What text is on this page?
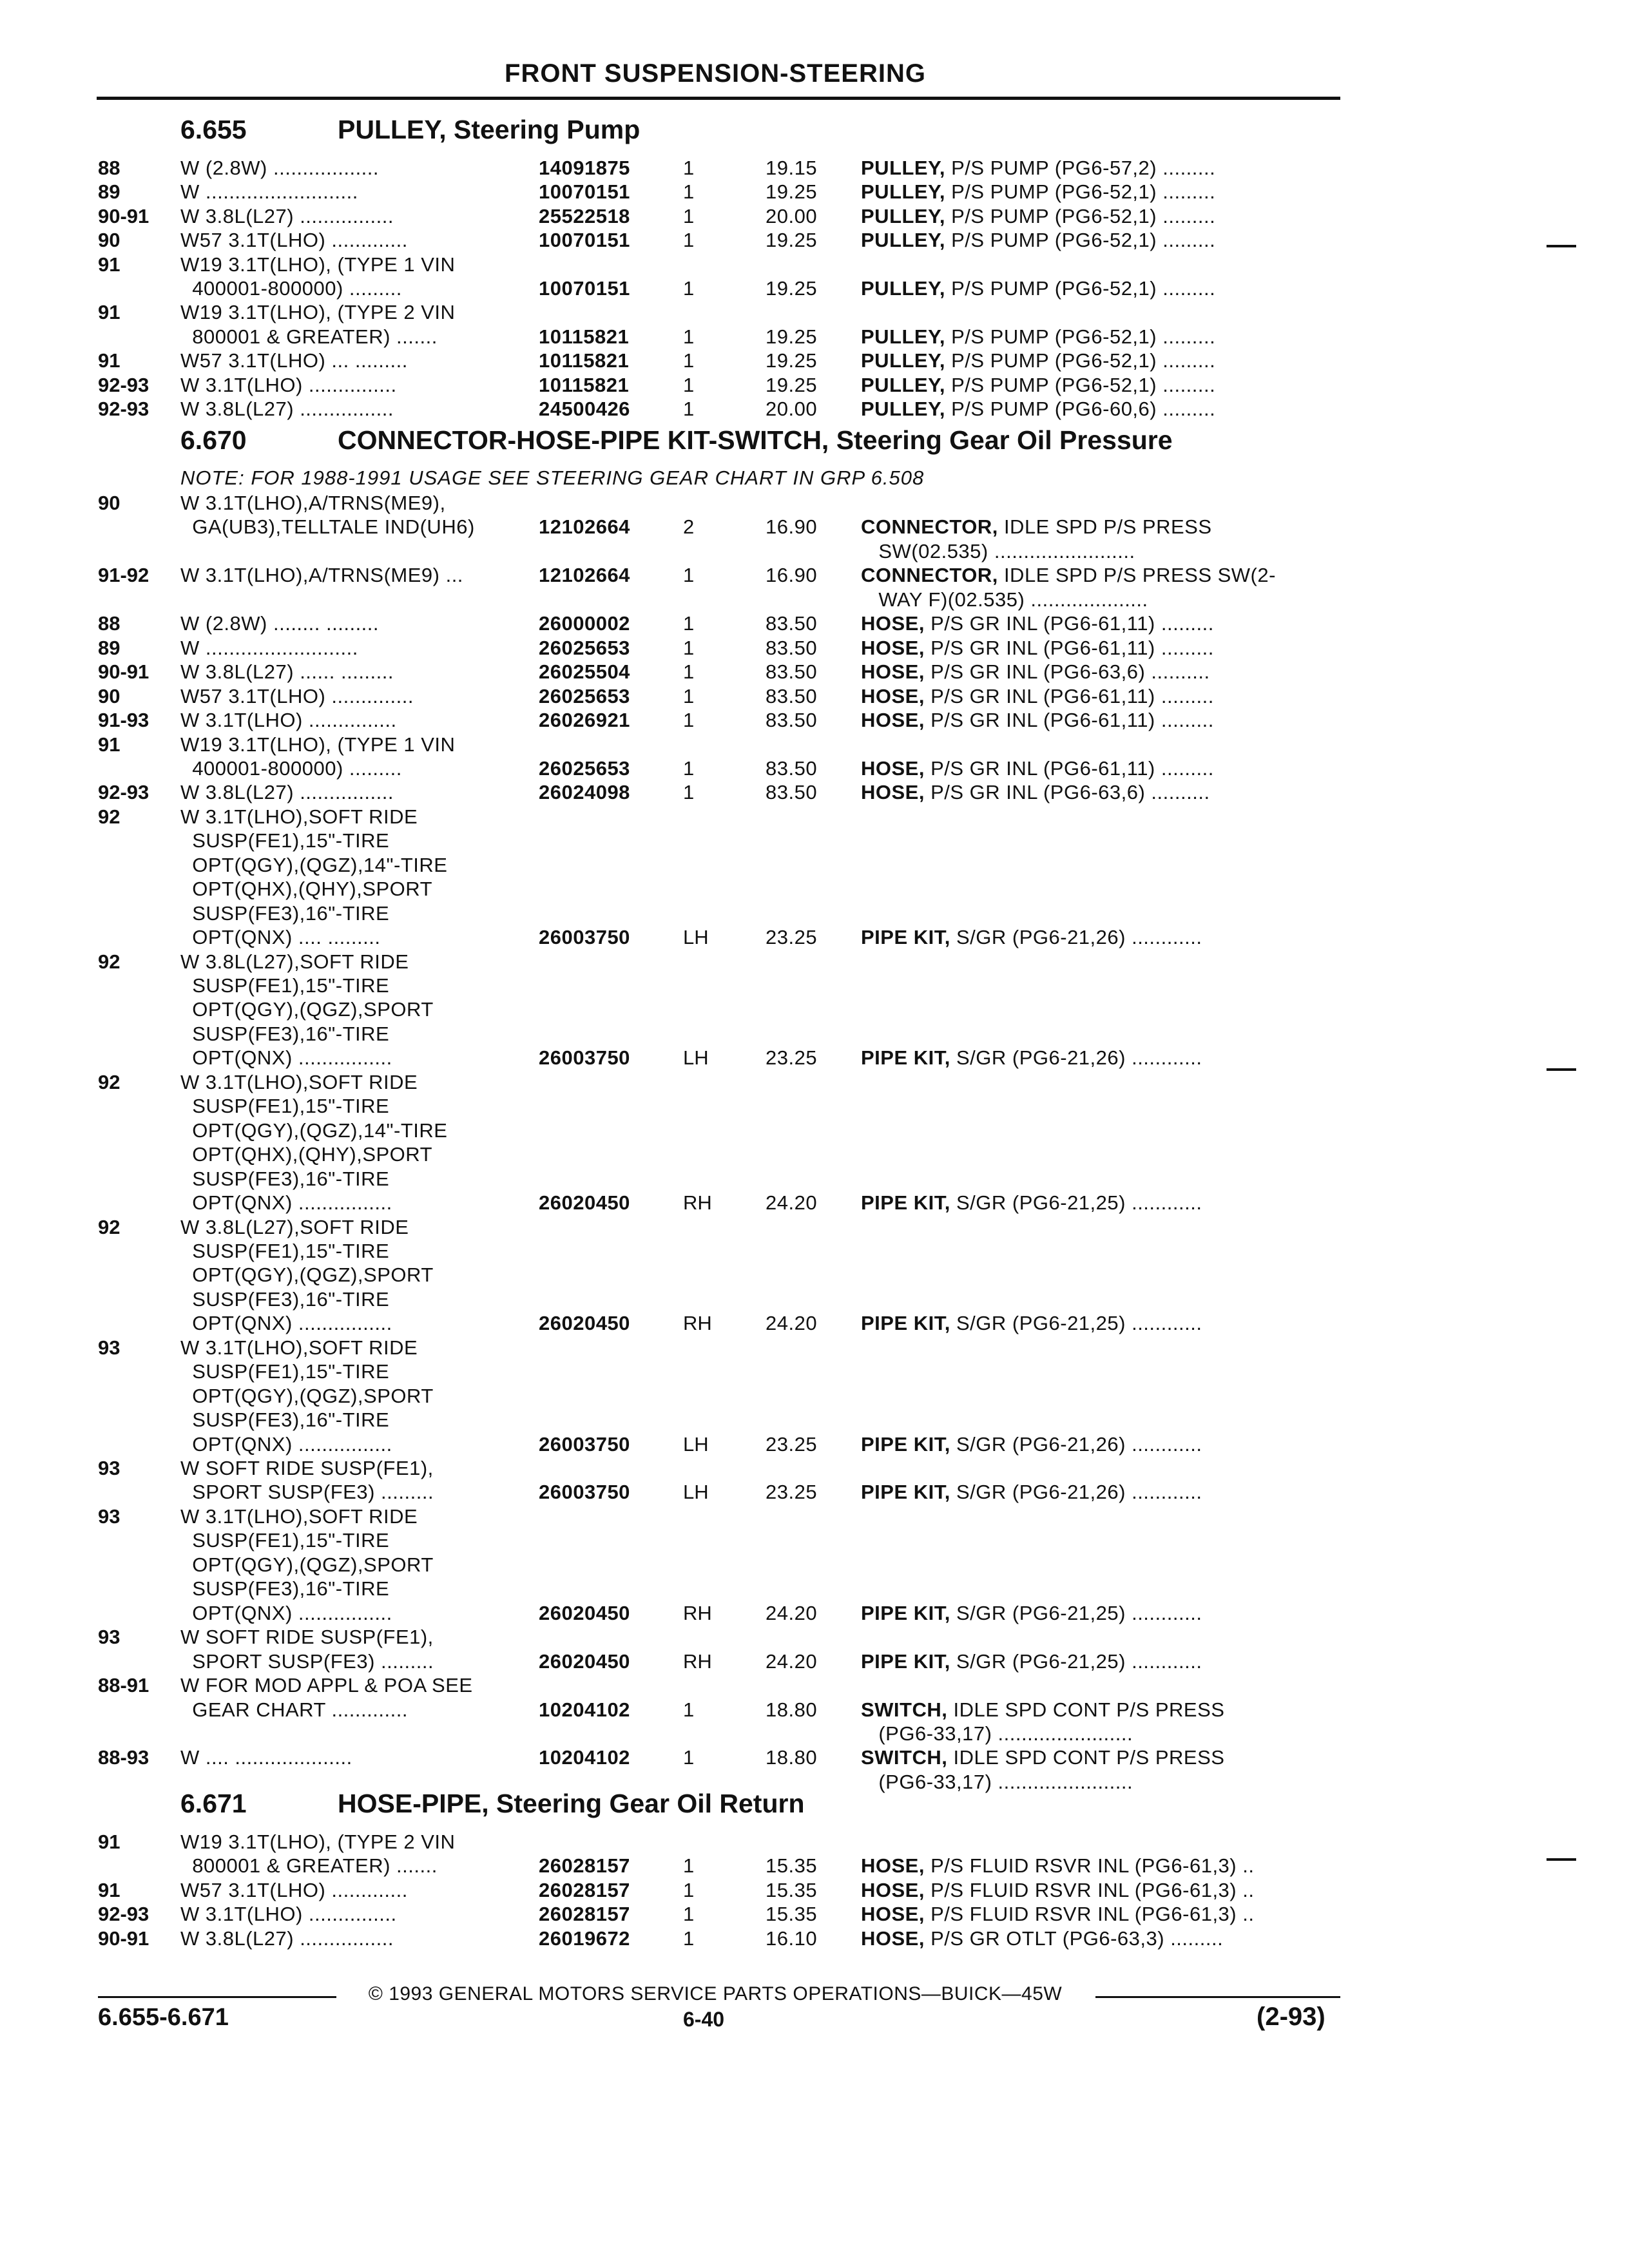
FRONT SUSPENSION-STEERING
6.655	PULLEY, Steering Pump
6.670	CONNECTOR-HOSE-PIPE KIT-SWITCH, Steering Gear Oil Pressure
6.671	HOSE-PIPE, Steering Gear Oil Return
NOTE: FOR 1988-1991 USAGE SEE STEERING GEAR CHART IN GRP 6.508
88	W (2.8W) ..................	14091875	1	19.15 PULLEY, P/S PUMP (PG6-57,2) .........
89	W ..........................	10070151	1	19.25 PULLEY, P/S PUMP (PG6-52,1) .........
90-91 W 3.8L(L27) ................	25522518	1	20.00 PULLEY, P/S PUMP (PG6-52,1) .........
90	W57 3.1T(LHO) .............	10070151	1	19.25 PULLEY, P/S PUMP (PG6-52,1) .........
91	W19 3.1T(LHO), (TYPE 1 VIN
400001-800000) .........	10070151	1	19.25 PULLEY, P/S PUMP (PG6-52,1) .........
91	W19 3.1T(LHO), (TYPE 2 VIN
800001 & GREATER) .......	10115821	1	19.25 PULLEY, P/S PUMP (PG6-52,1) .........
91	W57 3.1T(LHO) ... .........	10115821	1	19.25 PULLEY, P/S PUMP (PG6-52,1) .........
92-93 W 3.1T(LHO) ...............	10115821	1	19.25 PULLEY, P/S PUMP (PG6-52,1) .........
92-93 W 3.8L(L27) ................	24500426	1	20.00 PULLEY, P/S PUMP (PG6-60,6) .........
90	W 3.1T(LHO),A/TRNS(ME9),
GA(UB3),TELLTALE IND(UH6)	12102664	2	16.90 CONNECTOR, IDLE SPD P/S PRESS
SW(02.535) ........................
91-92 W 3.1T(LHO),A/TRNS(ME9) ...	12102664	1	16.90 CONNECTOR, IDLE SPD P/S PRESS SW(2-
WAY F)(02.535) ....................
88	W (2.8W) ........ .........	26000002	1	83.50 HOSE, P/S GR INL (PG6-61,11) .........
89	W ..........................	26025653	1	83.50 HOSE, P/S GR INL (PG6-61,11) .........
90-91 W 3.8L(L27) ...... .........	26025504	1	83.50 HOSE, P/S GR INL (PG6-63,6) ..........
90	W57 3.1T(LHO) ..............	26025653	1	83.50 HOSE, P/S GR INL (PG6-61,11) .........
91-93 W 3.1T(LHO) ...............	26026921	1	83.50 HOSE, P/S GR INL (PG6-61,11) .........
91	W19 3.1T(LHO), (TYPE 1 VIN
400001-800000) .........	26025653	1	83.50 HOSE, P/S GR INL (PG6-61,11) .........
92-93 W 3.8L(L27) ................	26024098	1	83.50 HOSE, P/S GR INL (PG6-63,6) ..........
92	W 3.1T(LHO),SOFT RIDE
SUSP(FE1),15"-TIRE
OPT(QGY),(QGZ),14"-TIRE
OPT(QHX),(QHY),SPORT
SUSP(FE3),16"-TIRE
OPT(QNX) .... .........	26003750	LH	23.25 PIPE KIT, S/GR (PG6-21,26) ............
92	W 3.8L(L27),SOFT RIDE
SUSP(FE1),15"-TIRE
OPT(QGY),(QGZ),SPORT
SUSP(FE3),16"-TIRE
OPT(QNX) ................	26003750	LH	23.25 PIPE KIT, S/GR (PG6-21,26) ............
92	W 3.1T(LHO),SOFT RIDE
SUSP(FE1),15"-TIRE
OPT(QGY),(QGZ),14"-TIRE
OPT(QHX),(QHY),SPORT
SUSP(FE3),16"-TIRE
OPT(QNX) ................	26020450	RH	24.20 PIPE KIT, S/GR (PG6-21,25) ............
92	W 3.8L(L27),SOFT RIDE
SUSP(FE1),15"-TIRE
OPT(QGY),(QGZ),SPORT
SUSP(FE3),16"-TIRE
OPT(QNX) ................	26020450	RH	24.20 PIPE KIT, S/GR (PG6-21,25) ............
93	W 3.1T(LHO),SOFT RIDE
SUSP(FE1),15"-TIRE
OPT(QGY),(QGZ),SPORT
SUSP(FE3),16"-TIRE
OPT(QNX) ................	26003750	LH	23.25 PIPE KIT, S/GR (PG6-21,26) ............
93	W SOFT RIDE SUSP(FE1),
SPORT SUSP(FE3) .........	26003750	LH	23.25 PIPE KIT, S/GR (PG6-21,26) ............
93	W 3.1T(LHO),SOFT RIDE
SUSP(FE1),15"-TIRE
OPT(QGY),(QGZ),SPORT
SUSP(FE3),16"-TIRE
OPT(QNX) ................	26020450	RH	24.20 PIPE KIT, S/GR (PG6-21,25) ............
93	W SOFT RIDE SUSP(FE1),
SPORT SUSP(FE3) .........	26020450	RH	24.20 PIPE KIT, S/GR (PG6-21,25) ............
88-91 W FOR MOD APPL & POA SEE
GEAR CHART .............	10204102	1	18.80 SWITCH, IDLE SPD CONT P/S PRESS
(PG6-33,17) .......................
88-93 W .... ....................	10204102	1	18.80 SWITCH, IDLE SPD CONT P/S PRESS
(PG6-33,17) .......................
91	W19 3.1T(LHO), (TYPE 2 VIN
800001 & GREATER) .......	26028157	1	15.35 HOSE, P/S FLUID RSVR INL (PG6-61,3) ..
91	W57 3.1T(LHO) .............	26028157	1	15.35 HOSE, P/S FLUID RSVR INL (PG6-61,3) ..
92-93 W 3.1T(LHO) ...............	26028157	1	15.35 HOSE, P/S FLUID RSVR INL (PG6-61,3) ..
90-91 W 3.8L(L27) ................	26019672	1	16.10 HOSE, P/S GR OTLT (PG6-63,3) .........
© 1993 GENERAL MOTORS SERVICE PARTS OPERATIONS—BUICK—45W
6.655-6.671	6-40	(2-93)
